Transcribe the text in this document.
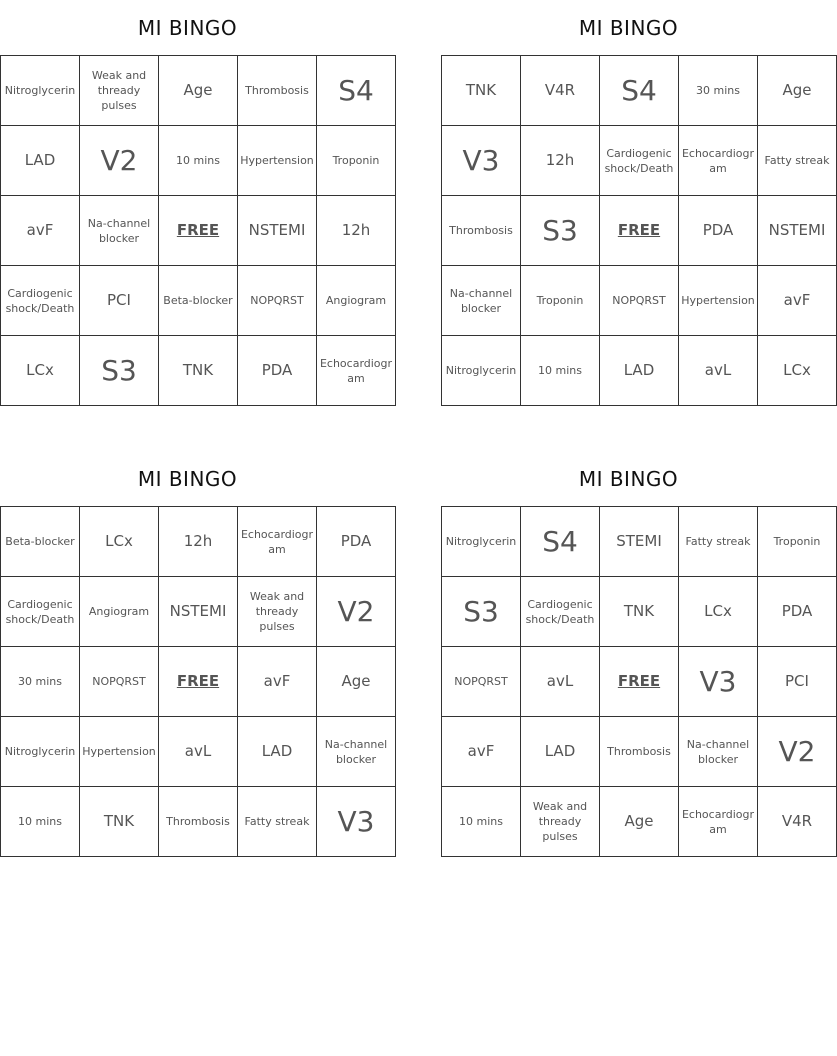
MI BINGO
Nitroglycerin	Weak and thready pulses	Age	Thrombosis	S4
LAD	V2	10 mins	Hypertension	Troponin
avF	Na-channel blocker	FREE	NSTEMI	12h
Cardiogenic shock/Death	PCI	Beta-blocker	NOPQRST	Angiogram
LCx	S3	TNK	PDA	Echocardiogram
MI BINGO
TNK	V4R	S4	30 mins	Age
V3	12h	Cardiogenic shock/Death	Echocardiogram	Fatty streak
Thrombosis	S3	FREE	PDA	NSTEMI
Na-channel blocker	Troponin	NOPQRST	Hypertension	avF
Nitroglycerin	10 mins	LAD	avL	LCx
MI BINGO
Beta-blocker	LCx	12h	Echocardiogram	PDA
Cardiogenic shock/Death	Angiogram	NSTEMI	Weak and thready pulses	V2
30 mins	NOPQRST	FREE	avF	Age
Nitroglycerin	Hypertension	avL	LAD	Na-channel blocker
10 mins	TNK	Thrombosis	Fatty streak	V3
MI BINGO
Nitroglycerin	S4	STEMI	Fatty streak	Troponin
S3	Cardiogenic shock/Death	TNK	LCx	PDA
NOPQRST	avL	FREE	V3	PCI
avF	LAD	Thrombosis	Na-channel blocker	V2
10 mins	Weak and thready pulses	Age	Echocardiogram	V4R
